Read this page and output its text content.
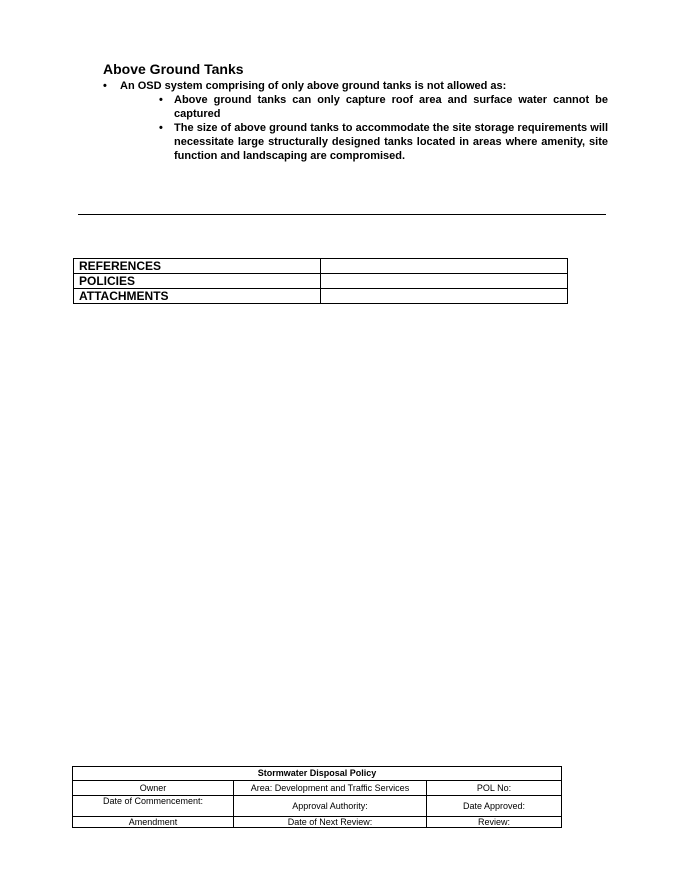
Above Ground Tanks
• An OSD system comprising of only above ground tanks is not allowed as:
• Above ground tanks can only capture roof area and surface water cannot be captured
• The size of above ground tanks to accommodate the site storage requirements will necessitate large structurally designed tanks located in areas where amenity, site function and landscaping are compromised.
REFERENCES	
POLICIES	
ATTACHMENTS	
Stormwater Disposal Policy		
Owner	Area: Development and Traffic Services	POL No:
Date of Commencement:	Approval Authority:	Date Approved:
Amendment	Date of Next Review:	Review:
